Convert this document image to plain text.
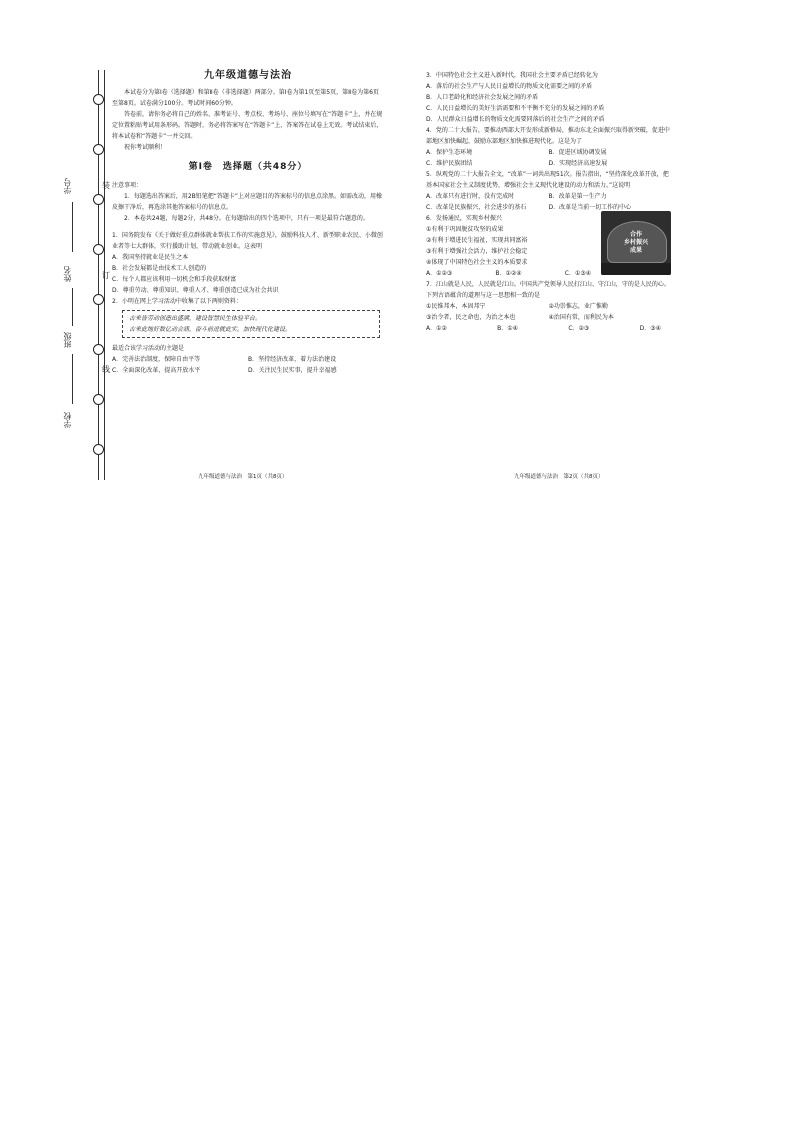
学号
姓名
班级
学校
装
订
线
九年级道德与法治

本试卷分为第Ⅰ卷（选择题）和第Ⅱ卷（非选择题）两部分。第Ⅰ卷为第1页至第5页，第Ⅱ卷为第6页至第8页。试卷满分100分。考试时间60分钟。

答卷前，请你务必将自己的姓名、准考证号、考点校、考场号、座位号填写在“答题卡”上，并在规定位置粘贴考试用条形码。答题时，务必将答案写在“答题卡”上，答案答在试卷上无效。考试结束后，将本试卷和“答题卡”一并交回。

祝你考试顺利！

第Ⅰ卷　选择题（共48分）

注意事项：

1．每题选出答案后，用2B铅笔把“答题卡”上对应题目的答案标号的信息点涂黑。如需改动，用橡皮擦干净后，再选涂其他答案标号的信息点。

2．本卷共24题，每题2分，共48分。在每题给出的四个选项中，只有一项是最符合题意的。

1．国务院发布《关于做好重点群体就业帮扶工作的实施意见》，鼓励科技人才、新型职业农民、小微创业者等七大群体，实行援助计划，带动就业创业。这表明

A．我国坚持就业是民生之本

B．社会发展都是由技术工人创造的

C．每个人都应该利用一切机会和手段获取财富

D．尊重劳动、尊重知识、尊重人才、尊重创造已成为社会共识

2．小明在网上学习活动中收集了以下两则资料：

古来皆劳动创造出盛满，建设智慧民生体验平台。

古来此地好数亿动会涌，奋斗前进就此实，加快现代化建设。

最适合该学习活动的主题是

A．完善法治制度，保障自由平等	B．坚持经济改革，着力法治建设
C．全面深化改革，提高开放水平	D．关注民生民实事，提升幸福感
九年级道德与法治　第1页（共8页）

3．中国特色社会主义进入新时代，我国社会主要矛盾已经转化为

A．落后的社会生产与人民日益增长的物质文化需要之间的矛盾

B．人口老龄化和经济社会发展之间的矛盾

C．人民日益增长的美好生活需要和不平衡不充分的发展之间的矛盾

D．人民群众日益增长的物质文化需要同落后的社会生产之间的矛盾

4．党的二十大报告，要推动西部大开发形成新格局，推动东北全面振兴取得新突破，促进中部地区加快崛起，鼓励东部地区加快推进现代化。这是为了

A．保护生态环境	B．促进区域协调发展
C．维护民族团结	D．实现经济高速发展

5．纵观党的二十大报告全文，“改革”一词共出现51次。报告指出，“坚持深化改革开放，把基本国家社会主义制度优势，增强社会主义现代化建设的动力和活力。”这说明

A．改革只有进行时，没有完成时	B．改革是第一生产力
C．改革是民族振兴，社会进步的基石	D．改革是当前一切工作的中心

6．发扬通民，实现乡村振兴

合作
乡村振兴
成果

①有利于巩固脱贫攻坚的成果

②有利于增进民生福祉，实现共同富裕

③有利于增强社会活力，维护社会稳定

④体现了中国特色社会主义的本质要求

A．①②③	B．①②④	C．①③④

7．江山就是人民，人民就是江山。中国共产党领导人民打江山、守江山，守的是人民的心。下列古语蕴含的道理与这一思想相一致的是

①民惟邦本，本固邦宁	②功崇惟志，业广惟勤
③治令者，民之命也，为治之本也	④治国有常，而利民为本
A．①②	B．①④	C．②③	D．③④
九年级道德与法治　第2页（共8页）
